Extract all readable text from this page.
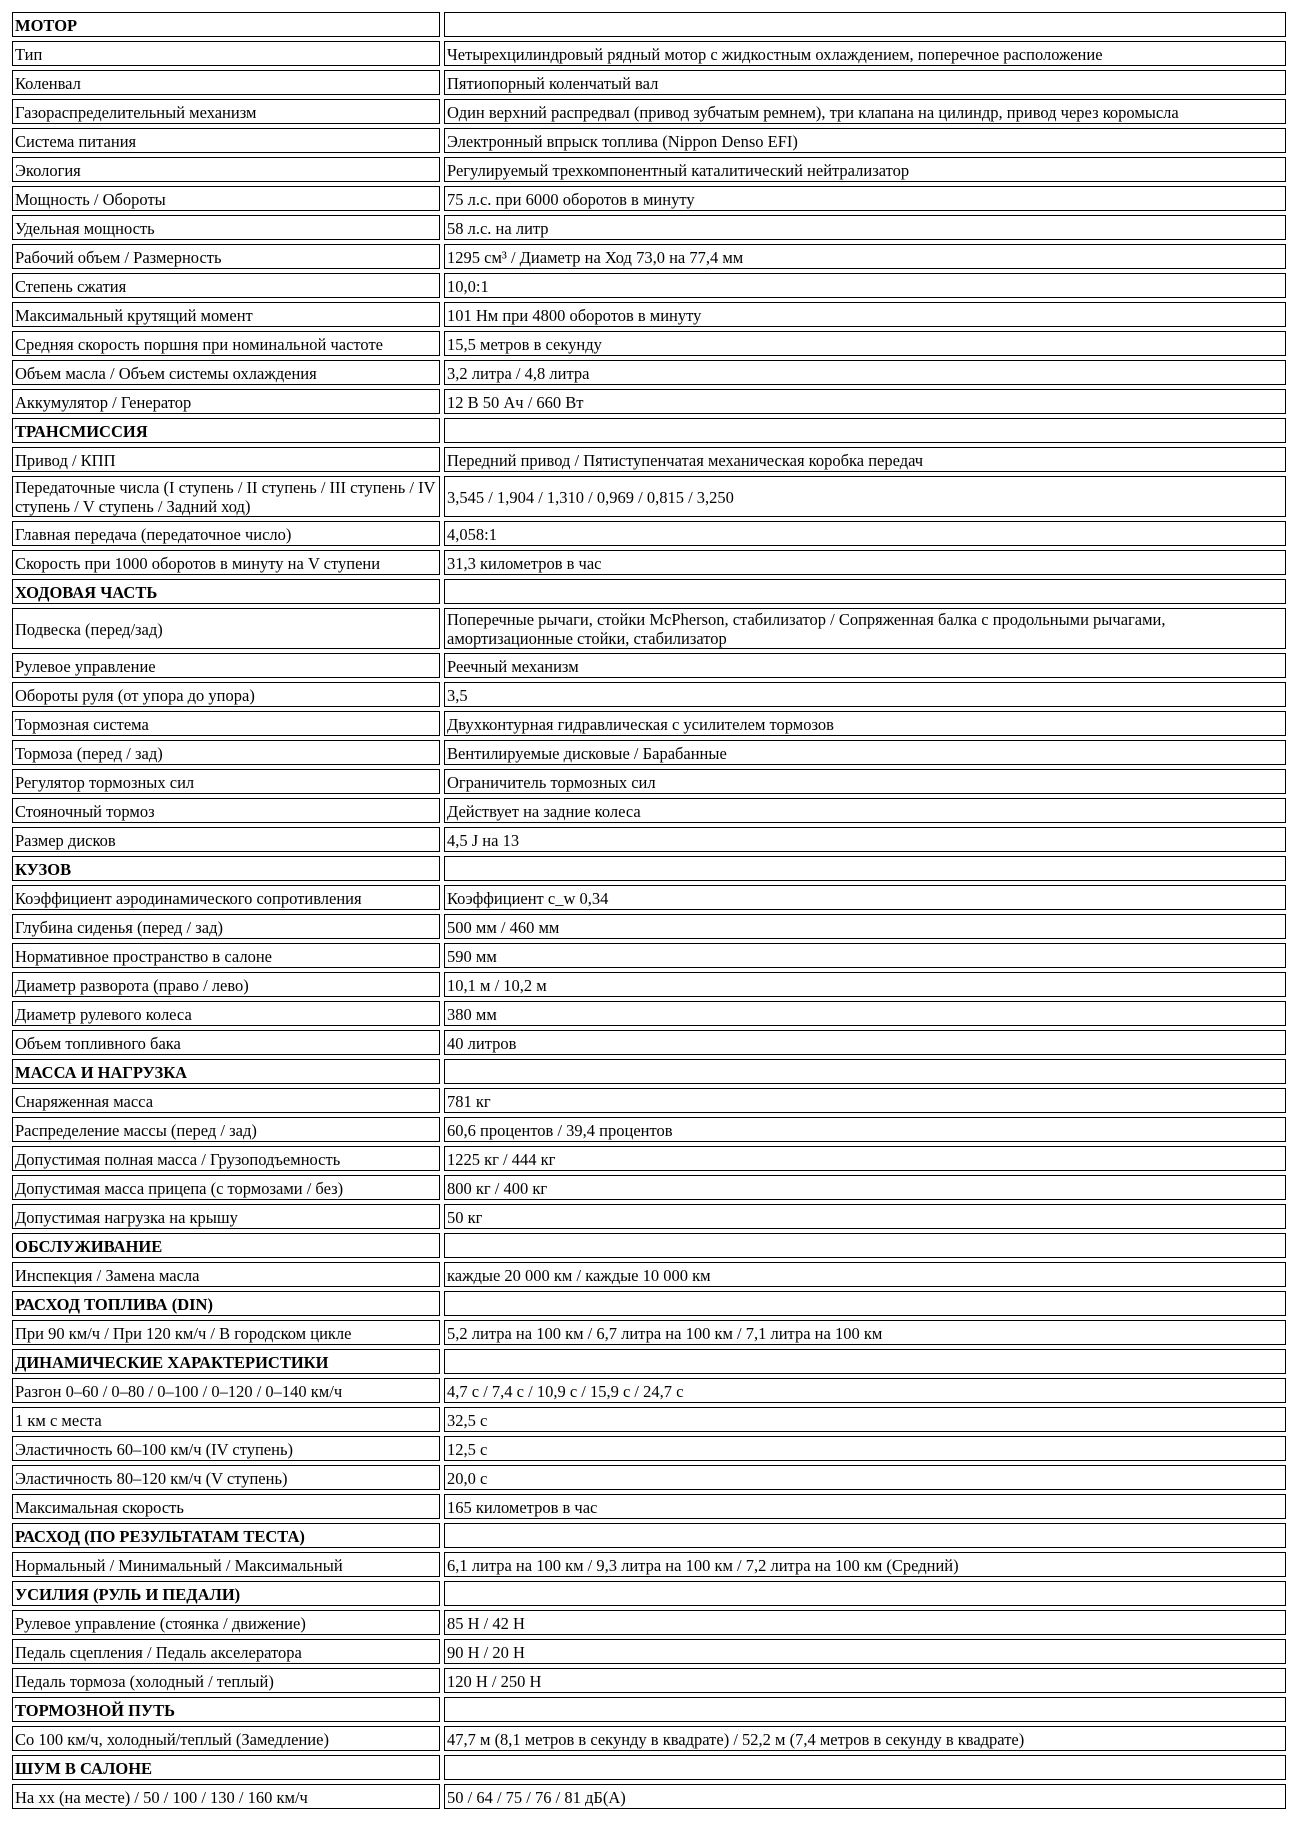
МОТОР	
Тип	Четырехцилиндровый рядный мотор с жидкостным охлаждением, поперечное расположение
Коленвал	Пятиопорный коленчатый вал
Газораспределительный механизм	Один верхний распредвал (привод зубчатым ремнем), три клапана на цилиндр, привод через коромысла
Система питания	Электронный впрыск топлива (Nippon Denso EFI)
Экология	Регулируемый трехкомпонентный каталитический нейтрализатор
Мощность / Обороты	75 л.с. при 6000 оборотов в минуту
Удельная мощность	58 л.с. на литр
Рабочий объем / Размерность	1295 см³ / Диаметр на Ход 73,0 на 77,4 мм
Степень сжатия	10,0:1
Максимальный крутящий момент	101 Нм при 4800 оборотов в минуту
Средняя скорость поршня при номинальной частоте	15,5 метров в секунду
Объем масла / Объем системы охлаждения	3,2 литра / 4,8 литра
Аккумулятор / Генератор	12 В 50 Ач / 660 Вт
ТРАНСМИССИЯ	
Привод / КПП	Передний привод / Пятиступенчатая механическая коробка передач
Передаточные числа (I ступень / II ступень / III ступень / IV ступень / V ступень / Задний ход)	3,545 / 1,904 / 1,310 / 0,969 / 0,815 / 3,250
Главная передача (передаточное число)	4,058:1
Скорость при 1000 оборотов в минуту на V ступени	31,3 километров в час
ХОДОВАЯ ЧАСТЬ	
Подвеска (перед/зад)	Поперечные рычаги, стойки McPherson, стабилизатор / Сопряженная балка с продольными рычагами, амортизационные стойки, стабилизатор
Рулевое управление	Реечный механизм
Обороты руля (от упора до упора)	3,5
Тормозная система	Двухконтурная гидравлическая с усилителем тормозов
Тормоза (перед / зад)	Вентилируемые дисковые / Барабанные
Регулятор тормозных сил	Ограничитель тормозных сил
Стояночный тормоз	Действует на задние колеса
Размер дисков	4,5 J на 13
КУЗОВ	
Коэффициент аэродинамического сопротивления	Коэффициент c_w 0,34
Глубина сиденья (перед / зад)	500 мм / 460 мм
Нормативное пространство в салоне	590 мм
Диаметр разворота (право / лево)	10,1 м / 10,2 м
Диаметр рулевого колеса	380 мм
Объем топливного бака	40 литров
МАССА И НАГРУЗКА	
Снаряженная масса	781 кг
Распределение массы (перед / зад)	60,6 процентов / 39,4 процентов
Допустимая полная масса / Грузоподъемность	1225 кг / 444 кг
Допустимая масса прицепа (с тормозами / без)	800 кг / 400 кг
Допустимая нагрузка на крышу	50 кг
ОБСЛУЖИВАНИЕ	
Инспекция / Замена масла	каждые 20 000 км / каждые 10 000 км
РАСХОД ТОПЛИВА (DIN)	
При 90 км/ч / При 120 км/ч / В городском цикле	5,2 литра на 100 км / 6,7 литра на 100 км / 7,1 литра на 100 км
ДИНАМИЧЕСКИЕ ХАРАКТЕРИСТИКИ	
Разгон 0–60 / 0–80 / 0–100 / 0–120 / 0–140 км/ч	4,7 с / 7,4 с / 10,9 с / 15,9 с / 24,7 с
1 км с места	32,5 с
Эластичность 60–100 км/ч (IV ступень)	12,5 с
Эластичность 80–120 км/ч (V ступень)	20,0 с
Максимальная скорость	165 километров в час
РАСХОД (ПО РЕЗУЛЬТАТАМ ТЕСТА)	
Нормальный / Минимальный / Максимальный	6,1 литра на 100 км / 9,3 литра на 100 км / 7,2 литра на 100 км (Средний)
УСИЛИЯ (РУЛЬ И ПЕДАЛИ)	
Рулевое управление (стоянка / движение)	85 Н / 42 Н
Педаль сцепления / Педаль акселератора	90 Н / 20 Н
Педаль тормоза (холодный / теплый)	120 Н / 250 Н
ТОРМОЗНОЙ ПУТЬ	
Со 100 км/ч, холодный/теплый (Замедление)	47,7 м (8,1 метров в секунду в квадрате) / 52,2 м (7,4 метров в секунду в квадрате)
ШУМ В САЛОНЕ	
На хх (на месте) / 50 / 100 / 130 / 160 км/ч	50 / 64 / 75 / 76 / 81 дБ(А)
